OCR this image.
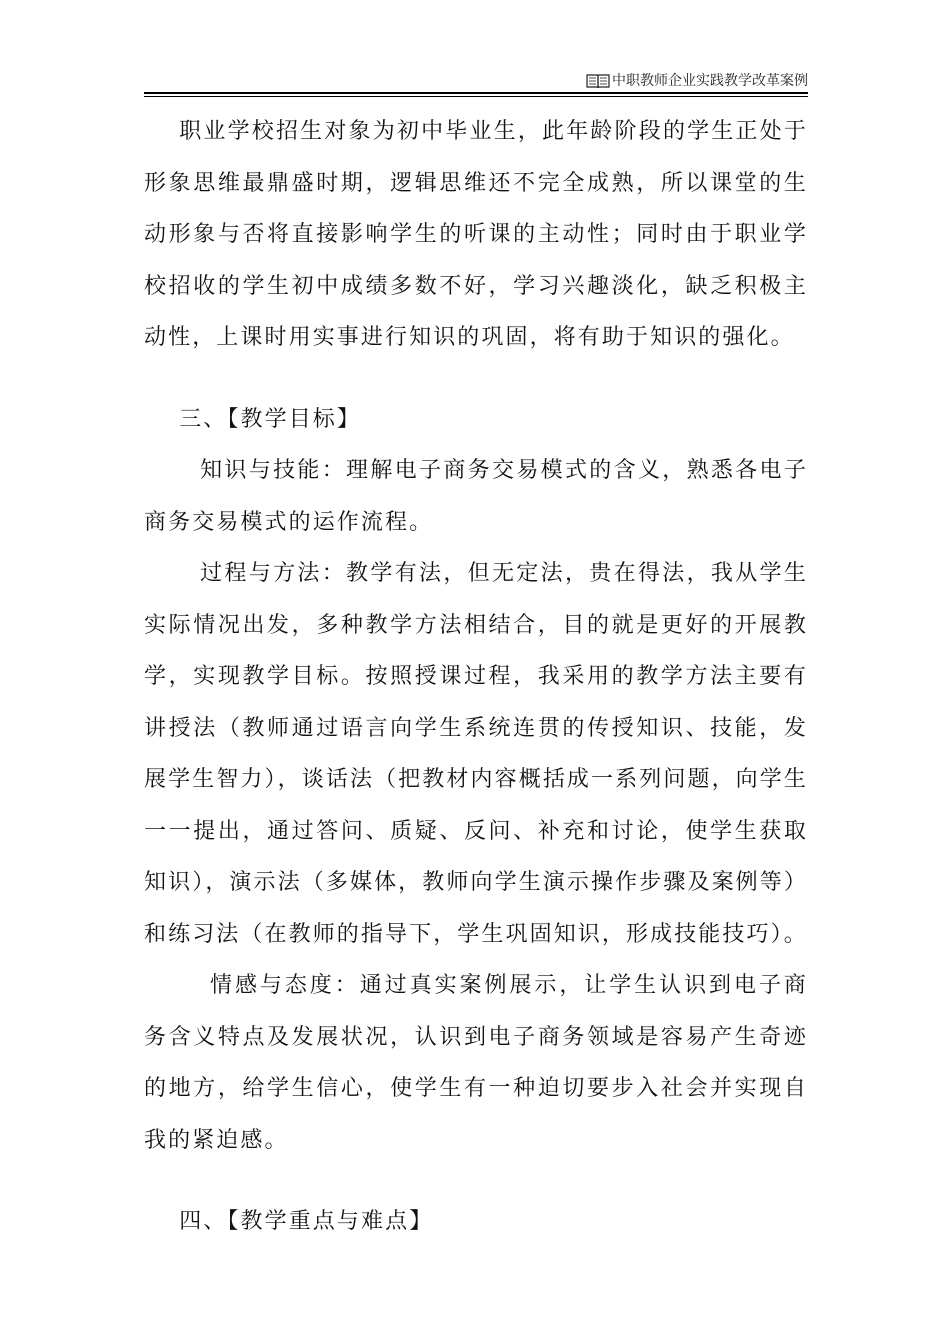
中职教师企业实践教学改革案例

职业学校招生对象为初中毕业生，此年龄阶段的学生正处于形象思维最鼎盛时期，逻辑思维还不完全成熟，所以课堂的生动形象与否将直接影响学生的听课的主动性；同时由于职业学校招收的学生初中成绩多数不好，学习兴趣淡化，缺乏积极主动性，上课时用实事进行知识的巩固，将有助于知识的强化。

三、【教学目标】

知识与技能：理解电子商务交易模式的含义，熟悉各电子商务交易模式的运作流程。

过程与方法：教学有法，但无定法，贵在得法，我从学生实际情况出发，多种教学方法相结合，目的就是更好的开展教学，实现教学目标。按照授课过程，我采用的教学方法主要有讲授法（教师通过语言向学生系统连贯的传授知识、技能，发展学生智力），谈话法（把教材内容概括成一系列问题，向学生一一提出，通过答问、质疑、反问、补充和讨论，使学生获取知识），演示法（多媒体，教师向学生演示操作步骤及案例等）和练习法（在教师的指导下，学生巩固知识，形成技能技巧）。

情感与态度：通过真实案例展示，让学生认识到电子商务含义特点及发展状况，认识到电子商务领域是容易产生奇迹的地方，给学生信心，使学生有一种迫切要步入社会并实现自我的紧迫感。

四、【教学重点与难点】
